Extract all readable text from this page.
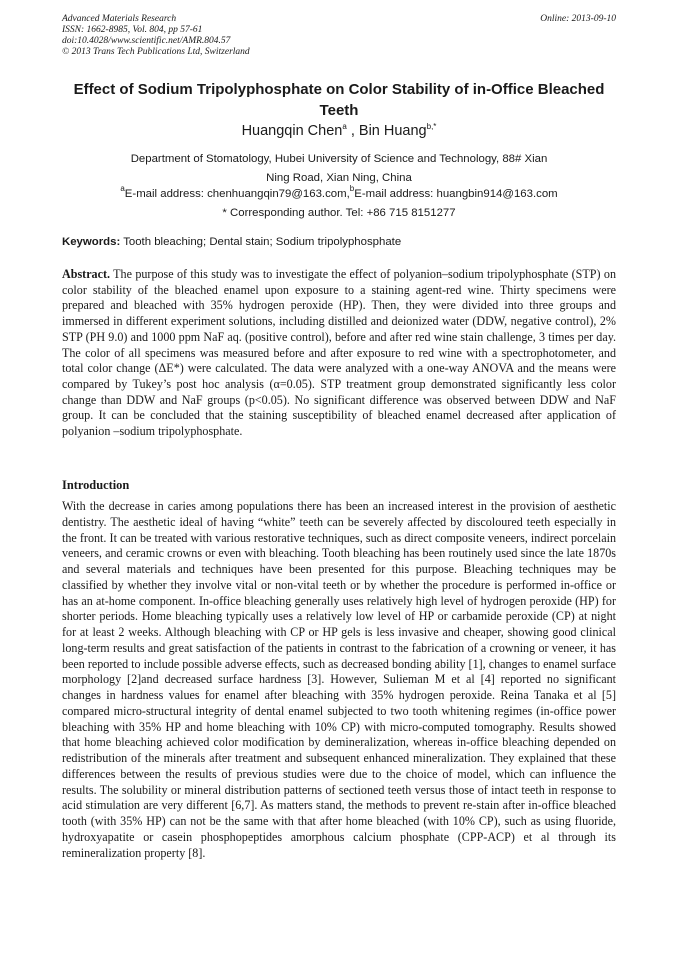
Advanced Materials Research
ISSN: 1662-8985, Vol. 804, pp 57-61
doi:10.4028/www.scientific.net/AMR.804.57
© 2013 Trans Tech Publications Ltd, Switzerland
Online: 2013-09-10
Effect of Sodium Tripolyphosphate on Color Stability of in-Office Bleached Teeth
Huangqin Chen$^a$ , Bin Huang$^{b,*}$
Department of Stomatology, Hubei University of Science and Technology, 88# Xian
Ning Road, Xian Ning, China
$^a$E-mail address: chenhuangqin79@163.com,$^b$E-mail address: huangbin914@163.com
* Corresponding author. Tel: +86 715 8151277
Keywords: Tooth bleaching; Dental stain; Sodium tripolyphosphate

Abstract. The purpose of this study was to investigate the effect of polyanion–sodium tripolyphosphate (STP) on color stability of the bleached enamel upon exposure to a staining agent-red wine. Thirty specimens were prepared and bleached with 35% hydrogen peroxide (HP). Then, they were divided into three groups and immersed in different experiment solutions, including distilled and deionized water (DDW, negative control), 2% STP (PH 9.0) and 1000 ppm NaF aq. (positive control), before and after red wine stain challenge, 3 times per day. The color of all specimens was measured before and after exposure to red wine with a spectrophotometer, and total color change (ΔE*) were calculated. The data were analyzed with a one-way ANOVA and the means were compared by Tukey’s post hoc analysis (α=0.05). STP treatment group demonstrated significantly less color change than DDW and NaF groups (p<0.05). No significant difference was observed between DDW and NaF group. It can be concluded that the staining susceptibility of bleached enamel decreased after application of polyanion –sodium tripolyphosphate.

Introduction

With the decrease in caries among populations there has been an increased interest in the provision of aesthetic dentistry. The aesthetic ideal of having “white” teeth can be severely affected by discoloured teeth especially in the front. It can be treated with various restorative techniques, such as direct composite veneers, indirect porcelain veneers, and ceramic crowns or even with bleaching. Tooth bleaching has been routinely used since the late 1870s and several materials and techniques have been presented for this purpose. Bleaching techniques may be classified by whether they involve vital or non-vital teeth or by whether the procedure is performed in-office or has an at-home component. In-office bleaching generally uses relatively high level of hydrogen peroxide (HP) for shorter periods. Home bleaching typically uses a relatively low level of HP or carbamide peroxide (CP) at night for at least 2 weeks. Although bleaching with CP or HP gels is less invasive and cheaper, showing good clinical long-term results and great satisfaction of the patients in contrast to the fabrication of a crowning or veneer, it has been reported to include possible adverse effects, such as decreased bonding ability [1], changes to enamel surface morphology [2]and decreased surface hardness [3]. However, Sulieman M et al [4] reported no significant changes in hardness values for enamel after bleaching with 35% hydrogen peroxide. Reina Tanaka et al [5] compared micro-structural integrity of dental enamel subjected to two tooth whitening regimes (in-office power bleaching with 35% HP and home bleaching with 10% CP) with micro-computed tomography. Results showed that home bleaching achieved color modification by demineralization, whereas in-office bleaching depended on redistribution of the minerals after treatment and subsequent enhanced mineralization. They explained that these differences between the results of previous studies were due to the choice of model, which can influence the results. The solubility or mineral distribution patterns of sectioned teeth versus those of intact teeth in response to acid stimulation are very different [6,7]. As matters stand, the methods to prevent re-stain after in-office bleached tooth (with 35% HP) can not be the same with that after home bleached (with 10% CP), such as using fluoride, hydroxyapatite or casein phosphopeptides amorphous calcium phosphate (CPP-ACP) et al through its remineralization property [8].
